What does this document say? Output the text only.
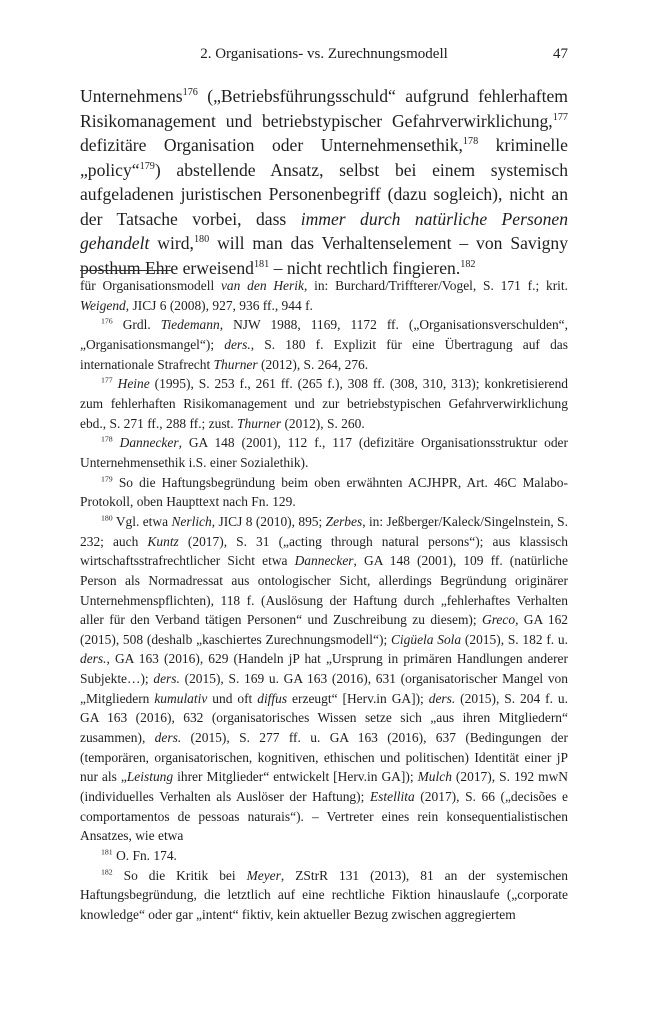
2. Organisations- vs. Zurechnungsmodell	47

Unternehmens$^{176}$ („Betriebsführungsschuld“ aufgrund fehlerhaftem Risikomanagement und betriebstypischer Gefahrverwirklichung,$^{177}$ defizitäre Organisation oder Unternehmensethik,$^{178}$ kriminelle „policy“$^{179}$) abstellende Ansatz, selbst bei einem systemisch aufgeladenen juristischen Personenbegriff (dazu sogleich), nicht an der Tatsache vorbei, dass immer durch natürliche Personen gehandelt wird,$^{180}$ will man das Verhaltenselement – von Savigny posthum Ehre erweisend$^{181}$ – nicht rechtlich fingieren.$^{182}$

für Organisationsmodell van den Herik, in: Burchard/Triffterer/Vogel, S. 171 f.; krit. Weigend, JICJ 6 (2008), 927, 936 ff., 944 f.

$^{176}$ Grdl. Tiedemann, NJW 1988, 1169, 1172 ff. („Organisationsverschulden“, „Organisationsmangel“); ders., S. 180 f. Explizit für eine Übertragung auf das internationale Strafrecht Thurner (2012), S. 264, 276.

$^{177}$ Heine (1995), S. 253 f., 261 ff. (265 f.), 308 ff. (308, 310, 313); konkretisierend zum fehlerhaften Risikomanagement und zur betriebstypischen Gefahrverwirklichung ebd., S. 271 ff., 288 ff.; zust. Thurner (2012), S. 260.

$^{178}$ Dannecker, GA 148 (2001), 112 f., 117 (defizitäre Organisationsstruktur oder Unternehmensethik i.S. einer Sozialethik).

$^{179}$ So die Haftungsbegründung beim oben erwähnten ACJHPR, Art. 46C Malabo-Protokoll, oben Haupttext nach Fn. 129.

$^{180}$ Vgl. etwa Nerlich, JICJ 8 (2010), 895; Zerbes, in: Jeßberger/Kaleck/Singelnstein, S. 232; auch Kuntz (2017), S. 31 („acting through natural persons“); aus klassisch wirtschaftsstrafrechtlicher Sicht etwa Dannecker, GA 148 (2001), 109 ff. (natürliche Person als Normadressat aus ontologischer Sicht, allerdings Begründung originärer Unternehmenspflichten), 118 f. (Auslösung der Haftung durch „fehlerhaftes Verhalten aller für den Verband tätigen Personen“ und Zuschreibung zu diesem); Greco, GA 162 (2015), 508 (deshalb „kaschiertes Zurechnungsmodell“); Cigüela Sola (2015), S. 182 f. u. ders., GA 163 (2016), 629 (Handeln jP hat „Ursprung in primären Handlungen anderer Subjekte…); ders. (2015), S. 169 u. GA 163 (2016), 631 (organisatorischer Mangel von „Mitgliedern kumulativ und oft diffus erzeugt“ [Herv.in GA]); ders. (2015), S. 204 f. u. GA 163 (2016), 632 (organisatorisches Wissen setze sich „aus ihren Mitgliedern“ zusammen), ders. (2015), S. 277 ff. u. GA 163 (2016), 637 (Bedingungen der (temporären, organisatorischen, kognitiven, ethischen und politischen) Identität einer jP nur als „Leistung ihrer Mitglieder“ entwickelt [Herv.in GA]); Mulch (2017), S. 192 mwN (individuelles Verhalten als Auslöser der Haftung); Estellita (2017), S. 66 („decisões e comportamentos de pessoas naturais“). – Vertreter eines rein konsequentialistischen Ansatzes, wie etwa

$^{181}$ O. Fn. 174.

$^{182}$ So die Kritik bei Meyer, ZStrR 131 (2013), 81 an der systemischen Haftungsbegründung, die letztlich auf eine rechtliche Fiktion hinauslaufe („corporate knowledge“ oder gar „intent“ fiktiv, kein aktueller Bezug zwischen aggregiertem
